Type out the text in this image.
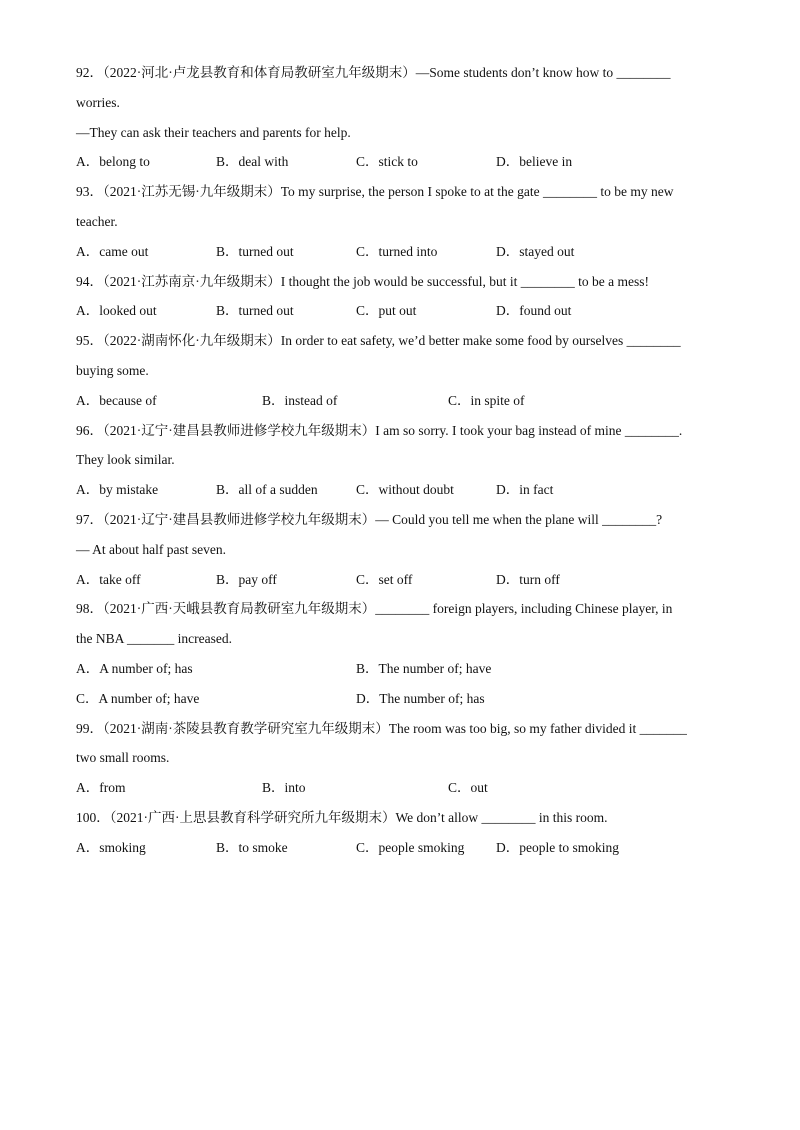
92．（2022·河北·卢龙县教育和体育局教研室九年级期末）—Some students don’t know how to ________
worries.
—They can ask their teachers and parents for help.
A．belong to	B．deal with	C．stick to	D．believe in
93．（2021·江苏无锡·九年级期末）To my surprise, the person I spoke to at the gate ________ to be my new
teacher.
A．came out	B．turned out	C．turned into	D．stayed out
94．（2021·江苏南京·九年级期末）I thought the job would be successful, but it ________ to be a mess!
A．looked out	B．turned out	C．put out	D．found out
95．（2022·湖南怀化·九年级期末）In order to eat safety, we’d better make some food by ourselves ________
buying some.
A．because of	B．instead of	C．in spite of
96．（2021·辽宁·建昌县教师进修学校九年级期末）I am so sorry. I took your bag instead of mine ________.
They look similar.
A．by mistake	B．all of a sudden	C．without doubt	D．in fact
97．（2021·辽宁·建昌县教师进修学校九年级期末）— Could you tell me when the plane will ________?
— At about half past seven.
A．take off	B．pay off	C．set off	D．turn off
98．（2021·广西·天峨县教育局教研室九年级期末）________ foreign players, including Chinese player, in
the NBA _______ increased.
A．A number of; has	B．The number of; have
C．A number of; have	D．The number of; has
99．（2021·湖南·茶陵县教育教学研究室九年级期末）The room was too big, so my father divided it _______
two small rooms.
A．from	B．into	C．out
100．（2021·广西·上思县教育科学研究所九年级期末）We don’t allow ________ in this room.
A．smoking	B．to smoke	C．people smoking D．people to smoking
